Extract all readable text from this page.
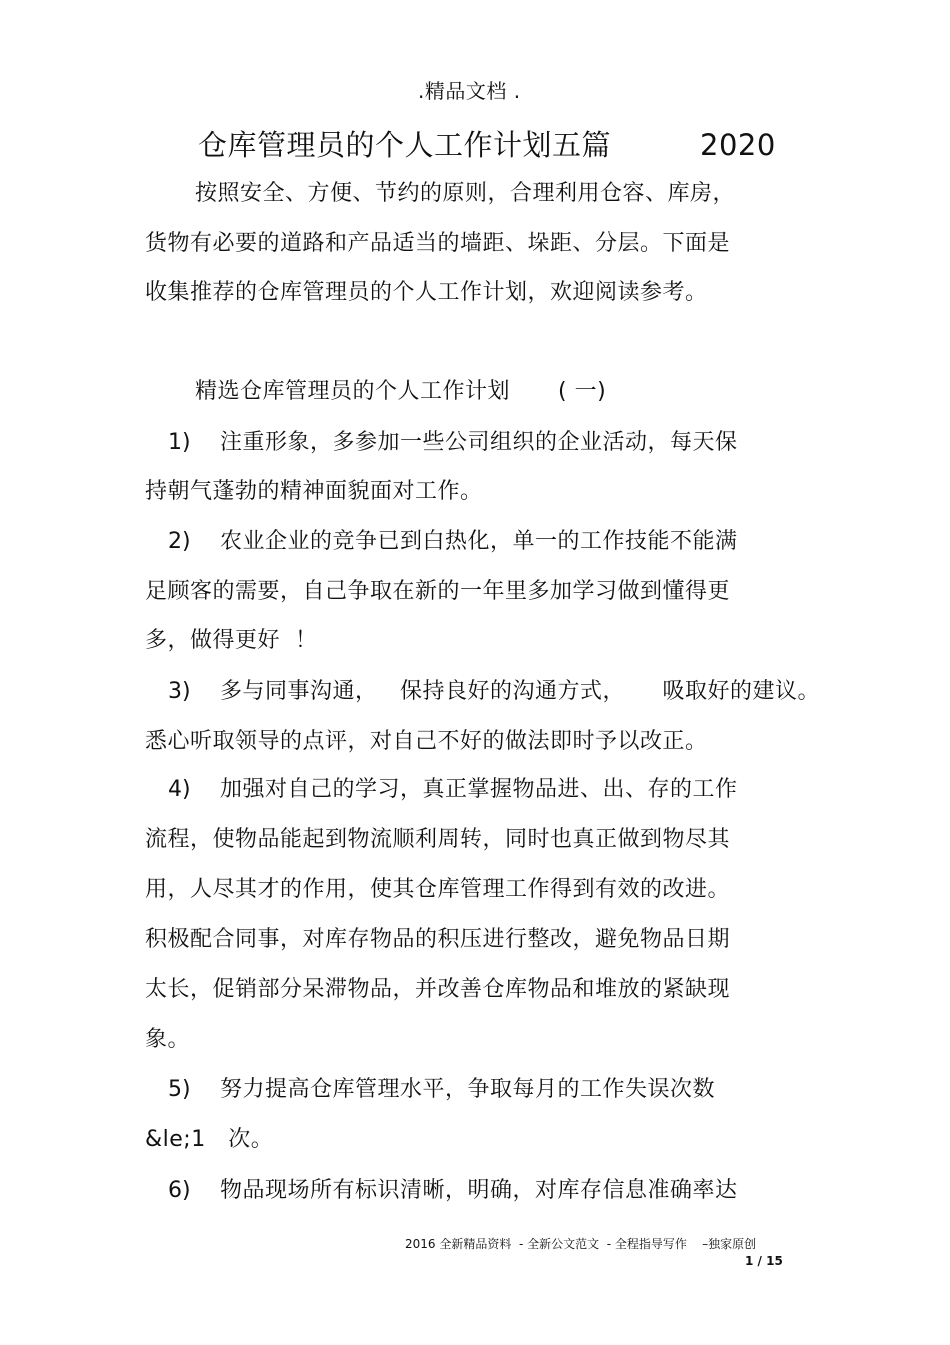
.精品文档 .
仓库管理员的个人工作计划五篇	2020
按照安全、方便、节约的原则，合理利用仓容、库房，
货物有必要的道路和产品适当的墙距、垛距、分层。下面是
收集推荐的仓库管理员的个人工作计划，欢迎阅读参考。
精选仓库管理员的个人工作计划 ( 一)
1) 注重形象，多参加一些公司组织的企业活动，每天保
持朝气蓬勃的精神面貌面对工作。
2) 农业企业的竞争已到白热化，单一的工作技能不能满
足顾客的需要，自己争取在新的一年里多加学习做到懂得更
多，做得更好  ！
3) 多与同事沟通，   保持良好的沟通方式，     吸取好的建议。
悉心听取领导的点评，对自己不好的做法即时予以改正。
4) 加强对自己的学习，真正掌握物品进、出、存的工作
流程，使物品能起到物流顺利周转，同时也真正做到物尽其
用，人尽其才的作用，使其仓库管理工作得到有效的改进。
积极配合同事，对库存物品的积压进行整改，避免物品日期
太长，促销部分呆滞物品，并改善仓库物品和堆放的紧缺现
象。
5) 努力提高仓库管理水平，争取每月的工作失误次数
&le;1   次。
6) 物品现场所有标识清晰，明确，对库存信息准确率达
2016 全新精品资料  - 全新公文范文  - 全程指导写作    –独家原创
1 / 15
